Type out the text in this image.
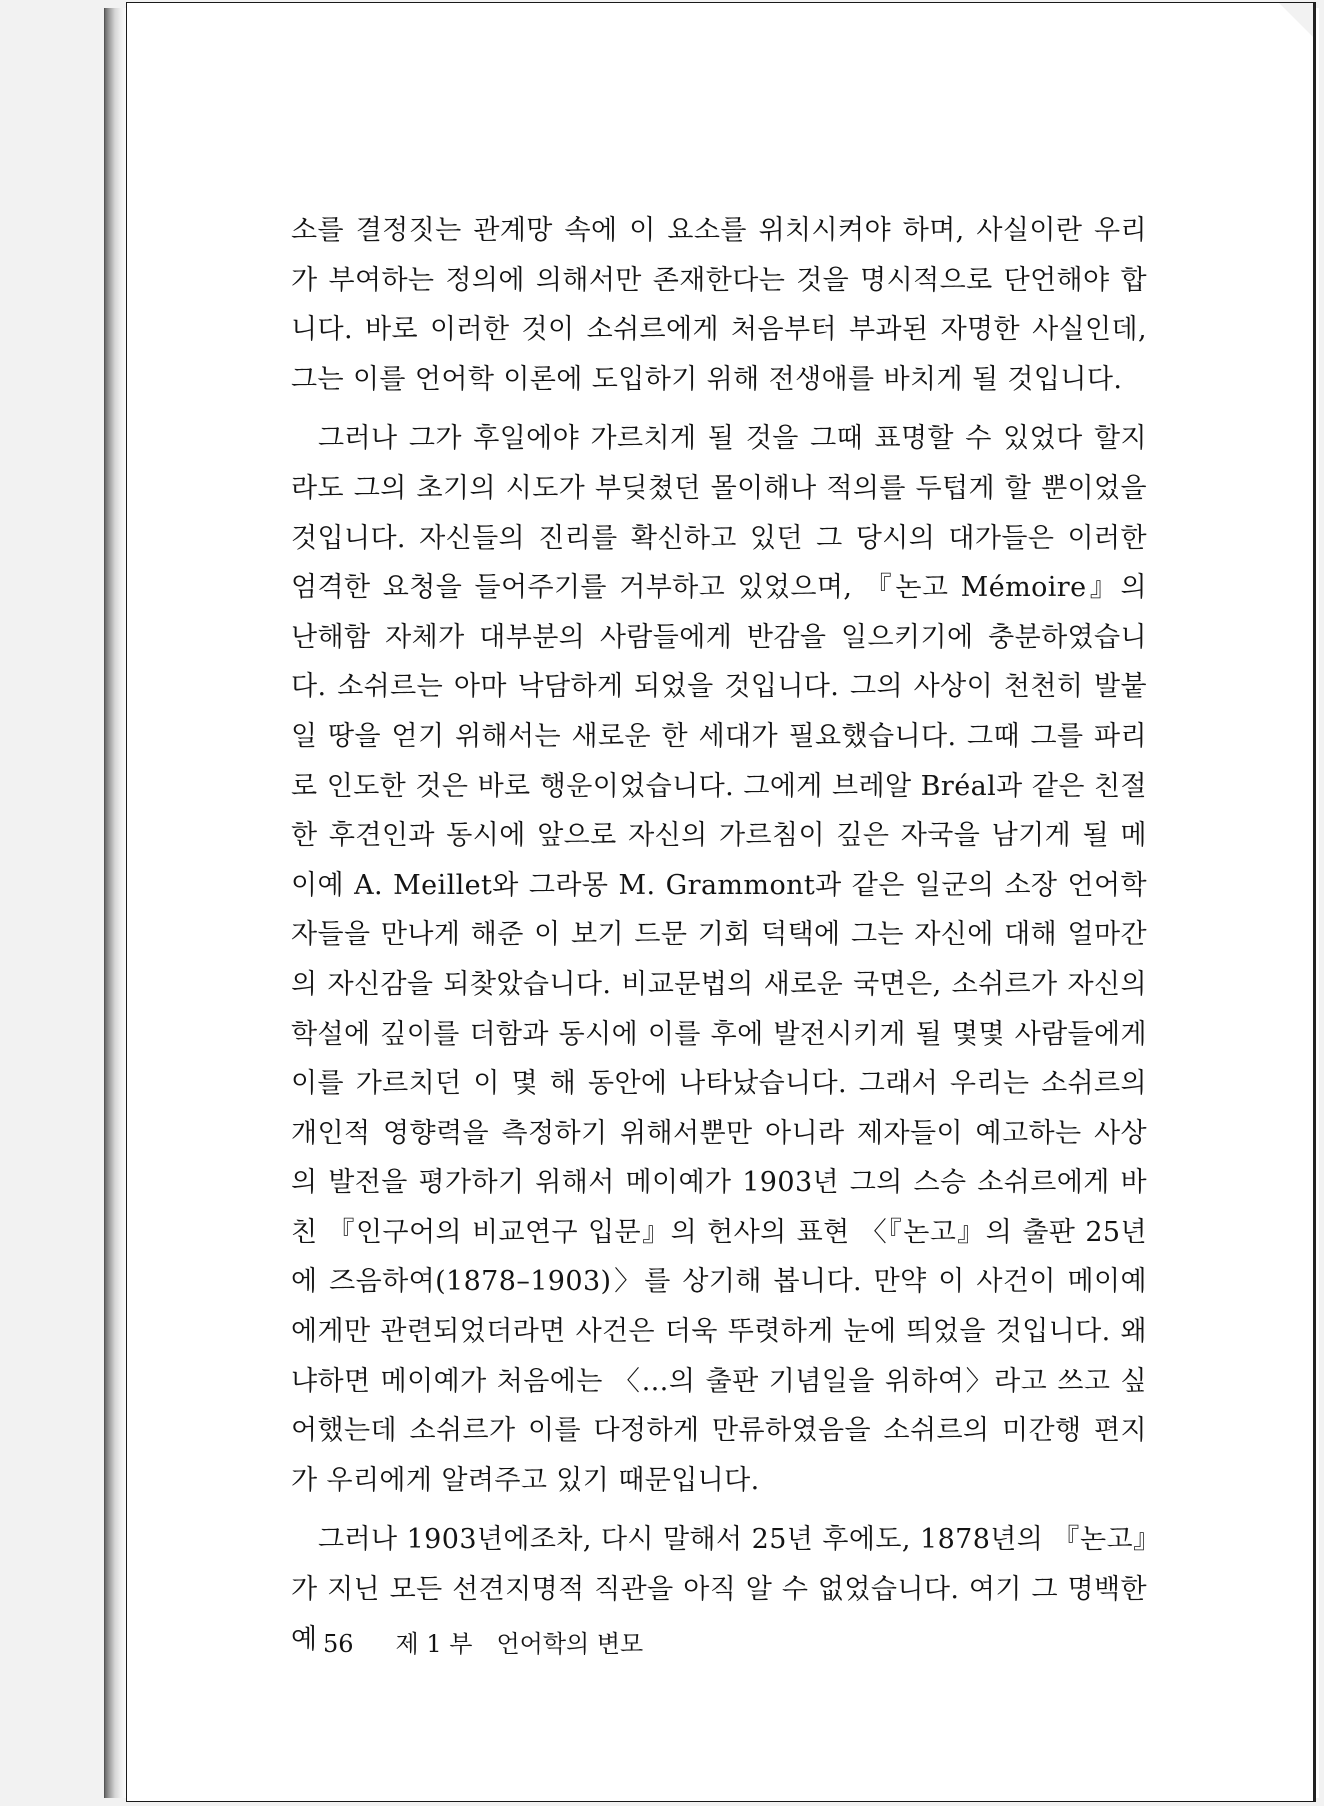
소를 결정짓는 관계망 속에 이 요소를 위치시켜야 하며, 사실이란 우리가 부여하는 정의에 의해서만 존재한다는 것을 명시적으로 단언해야 합니다. 바로 이러한 것이 소쉬르에게 처음부터 부과된 자명한 사실인데, 그는 이를 언어학 이론에 도입하기 위해 전생애를 바치게 될 것입니다.

그러나 그가 후일에야 가르치게 될 것을 그때 표명할 수 있었다 할지라도 그의 초기의 시도가 부딪쳤던 몰이해나 적의를 두텁게 할 뿐이었을 것입니다. 자신들의 진리를 확신하고 있던 그 당시의 대가들은 이러한 엄격한 요청을 들어주기를 거부하고 있었으며, 『논고 Mémoire』의 난해함 자체가 대부분의 사람들에게 반감을 일으키기에 충분하였습니다. 소쉬르는 아마 낙담하게 되었을 것입니다. 그의 사상이 천천히 발붙일 땅을 얻기 위해서는 새로운 한 세대가 필요했습니다. 그때 그를 파리로 인도한 것은 바로 행운이었습니다. 그에게 브레알 Bréal과 같은 친절한 후견인과 동시에 앞으로 자신의 가르침이 깊은 자국을 남기게 될 메이예 A. Meillet와 그라몽 M. Grammont과 같은 일군의 소장 언어학자들을 만나게 해준 이 보기 드문 기회 덕택에 그는 자신에 대해 얼마간의 자신감을 되찾았습니다. 비교문법의 새로운 국면은, 소쉬르가 자신의 학설에 깊이를 더함과 동시에 이를 후에 발전시키게 될 몇몇 사람들에게 이를 가르치던 이 몇 해 동안에 나타났습니다. 그래서 우리는 소쉬르의 개인적 영향력을 측정하기 위해서뿐만 아니라 제자들이 예고하는 사상의 발전을 평가하기 위해서 메이예가 1903년 그의 스승 소쉬르에게 바친 『인구어의 비교연구 입문』의 헌사의 표현 〈『논고』의 출판 25년에 즈음하여(1878–1903)〉를 상기해 봅니다. 만약 이 사건이 메이예에게만 관련되었더라면 사건은 더욱 뚜렷하게 눈에 띄었을 것입니다. 왜냐하면 메이예가 처음에는 〈…의 출판 기념일을 위하여〉라고 쓰고 싶어했는데 소쉬르가 이를 다정하게 만류하였음을 소쉬르의 미간행 편지가 우리에게 알려주고 있기 때문입니다.

그러나 1903년에조차, 다시 말해서 25년 후에도, 1878년의 『논고』가 지닌 모든 선견지명적 직관을 아직 알 수 없었습니다. 여기 그 명백한 예 56 제 1 부 언어학의 변모
